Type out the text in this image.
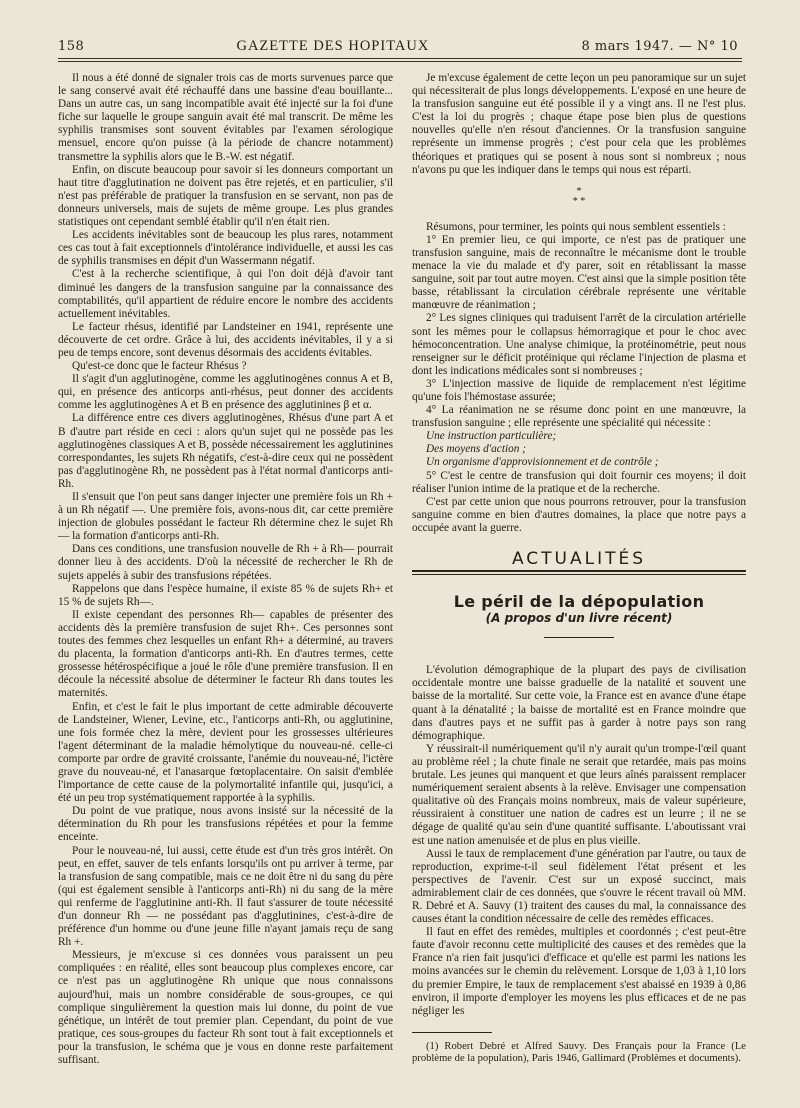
158	GAZETTE DES HOPITAUX	8 mars 1947. — N° 10

Il nous a été donné de signaler trois cas de morts survenues parce que le sang conservé avait été réchauffé dans une bassine d'eau bouillante... Dans un autre cas, un sang incompatible avait été injecté sur la foi d'une fiche sur laquelle le groupe sanguin avait été mal transcrit. De même les syphilis transmises sont souvent évitables par l'examen sérologique mensuel, encore qu'on puisse (à la période de chancre notamment) transmettre la syphilis alors que le B.-W. est négatif.

Enfin, on discute beaucoup pour savoir si les donneurs comportant un haut titre d'agglutination ne doivent pas être rejetés, et en particulier, s'il n'est pas préférable de pratiquer la transfusion en se servant, non pas de donneurs universels, mais de sujets de même groupe. Les plus grandes statistiques ont cependant semblé établir qu'il n'en était rien.

Les accidents inévitables sont de beaucoup les plus rares, notamment ces cas tout à fait exceptionnels d'intolérance individuelle, et aussi les cas de syphilis transmises en dépit d'un Wassermann négatif.

C'est à la recherche scientifique, à qui l'on doit déjà d'avoir tant diminué les dangers de la transfusion sanguine par la connaissance des comptabilités, qu'il appartient de réduire encore le nombre des accidents actuellement inévitables.

Le facteur rhésus, identifié par Landsteiner en 1941, représente une découverte de cet ordre. Grâce à lui, des accidents inévitables, il y a si peu de temps encore, sont devenus désormais des accidents évitables.

Qu'est-ce donc que le facteur Rhésus ?

Il s'agit d'un agglutinogène, comme les agglutinogènes connus A et B, qui, en présence des anticorps anti-rhésus, peut donner des accidents comme les agglutinogènes A et B en présence des agglutinines β et α.

La différence entre ces divers agglutinogènes, Rhésus d'une part A et B d'autre part réside en ceci : alors qu'un sujet qui ne possède pas les agglutinogènes classiques A et B, possède nécessairement les agglutinines correspondantes, les sujets Rh négatifs, c'est-à-dire ceux qui ne possèdent pas d'agglutinogène Rh, ne possèdent pas à l'état normal d'anticorps anti-Rh.

Il s'ensuit que l'on peut sans danger injecter une première fois un Rh + à un Rh négatif —. Une première fois, avons-nous dit, car cette première injection de globules possédant le facteur Rh détermine chez le sujet Rh — la formation d'anticorps anti-Rh.

Dans ces conditions, une transfusion nouvelle de Rh + à Rh— pourrait donner lieu à des accidents. D'où la nécessité de rechercher le Rh de sujets appelés à subir des transfusions répétées.

Rappelons que dans l'espèce humaine, il existe 85 % de sujets Rh+ et 15 % de sujets Rh—.

Il existe cependant des personnes Rh— capables de présenter des accidents dès la première transfusion de sujet Rh+. Ces personnes sont toutes des femmes chez lesquelles un enfant Rh+ a déterminé, au travers du placenta, la formation d'anticorps anti-Rh. En d'autres termes, cette grossesse hétérospécifique a joué le rôle d'une première transfusion. Il en découle la nécessité absolue de déterminer le facteur Rh dans toutes les maternités.

Enfin, et c'est le fait le plus important de cette admirable découverte de Landsteiner, Wiener, Levine, etc., l'anticorps anti-Rh, ou agglutinine, une fois formée chez la mère, devient pour les grossesses ultérieures l'agent déterminant de la maladie hémolytique du nouveau-né. celle-ci comporte par ordre de gravité croissante, l'anémie du nouveau-né, l'ictère grave du nouveau-né, et l'anasarque fœtoplacentaire. On saisit d'emblée l'importance de cette cause de la polymortalité infantile qui, jusqu'ici, a été un peu trop systématiquement rapportée à la syphilis.

Du point de vue pratique, nous avons insisté sur la nécessité de la détermination du Rh pour les transfusions répétées et pour la femme enceinte.

Pour le nouveau-né, lui aussi, cette étude est d'un très gros intérêt. On peut, en effet, sauver de tels enfants lorsqu'ils ont pu arriver à terme, par la transfusion de sang compatible, mais ce ne doit être ni du sang du père (qui est également sensible à l'anticorps anti-Rh) ni du sang de la mère qui renferme de l'agglutinine anti-Rh. Il faut s'assurer de toute nécessité d'un donneur Rh — ne possédant pas d'agglutinines, c'est-à-dire de préférence d'un homme ou d'une jeune fille n'ayant jamais reçu de sang Rh +.

Messieurs, je m'excuse si ces données vous paraissent un peu compliquées : en réalité, elles sont beaucoup plus complexes encore, car ce n'est pas un agglutinogène Rh unique que nous connaissons aujourd'hui, mais un nombre considérable de sous-groupes, ce qui complique singulièrement la question mais lui donne, du point de vue génétique, un intérêt de tout premier plan. Cependant, du point de vue pratique, ces sous-groupes du facteur Rh sont tout à fait exceptionnels et pour la transfusion, le schéma que je vous en donne reste parfaitement suffisant.

Je m'excuse également de cette leçon un peu panoramique sur un sujet qui nécessiterait de plus longs développements. L'exposé en une heure de la transfusion sanguine eut été possible il y a vingt ans. Il ne l'est plus. C'est la loi du progrès ; chaque étape pose bien plus de questions nouvelles qu'elle n'en résout d'anciennes. Or la transfusion sanguine représente un immense progrès ; c'est pour cela que les problèmes théoriques et pratiques qui se posent à nous sont si nombreux ; nous n'avons pu que les indiquer dans le temps qui nous est réparti.

*
* *

Résumons, pour terminer, les points qui nous semblent essentiels :

1° En premier lieu, ce qui importe, ce n'est pas de pratiquer une transfusion sanguine, mais de reconnaître le mécanisme dont le trouble menace la vie du malade et d'y parer, soit en rétablissant la masse sanguine, soit par tout autre moyen. C'est ainsi que la simple position tête basse, rétablissant la circulation cérébrale représente une véritable manœuvre de réanimation ;

2° Les signes cliniques qui traduisent l'arrêt de la circulation artérielle sont les mêmes pour le collapsus hémorragique et pour le choc avec hémoconcentration. Une analyse chimique, la protéinométrie, peut nous renseigner sur le déficit protéinique qui réclame l'injection de plasma et dont les indications médicales sont si nombreuses ;

3° L'injection massive de liquide de remplacement n'est légitime qu'une fois l'hémostase assurée;

4° La réanimation ne se résume donc point en une manœuvre, la transfusion sanguine ; elle représente une spécialité qui nécessite :

Une instruction particulière;

Des moyens d'action ;

Un organisme d'approvisionnement et de contrôle ;

5° C'est le centre de transfusion qui doit fournir ces moyens; il doit réaliser l'union intime de la pratique et de la recherche.

C'est par cette union que nous pourrons retrouver, pour la transfusion sanguine comme en bien d'autres domaines, la place que notre pays a occupée avant la guerre.

ACTUALITÉS
Le péril de la dépopulation
(A propos d'un livre récent)

L'évolution démographique de la plupart des pays de civilisation occidentale montre une baisse graduelle de la natalité et souvent une baisse de la mortalité. Sur cette voie, la France est en avance d'une étape quant à la dénatalité ; la baisse de mortalité est en France moindre que dans d'autres pays et ne suffit pas à garder à notre pays son rang démographique.

Y réussirait-il numériquement qu'il n'y aurait qu'un trompe-l'œil quant au problème réel ; la chute finale ne serait que retardée, mais pas moins brutale. Les jeunes qui manquent et que leurs aînés paraissent remplacer numériquement seraient absents à la relève. Envisager une compensation qualitative où des Français moins nombreux, mais de valeur supérieure, réussiraient à constituer une nation de cadres est un leurre ; il ne se dégage de qualité qu'au sein d'une quantité suffisante. L'aboutissant vrai est une nation amenuisée et de plus en plus vieille.

Aussi le taux de remplacement d'une génération par l'autre, ou taux de reproduction, exprime-t-il seul fidèlement l'état présent et les perspectives de l'avenir. C'est sur un exposé succinct, mais admirablement clair de ces données, que s'ouvre le récent travail où MM. R. Debré et A. Sauvy (1) traitent des causes du mal, la connaissance des causes étant la condition nécessaire de celle des remèdes efficaces.

Il faut en effet des remèdes, multiples et coordonnés ; c'est peut-être faute d'avoir reconnu cette multiplicité des causes et des remèdes que la France n'a rien fait jusqu'ici d'efficace et qu'elle est parmi les nations les moins avancées sur le chemin du relèvement. Lorsque de 1,03 à 1,10 lors du premier Empire, le taux de remplacement s'est abaissé en 1939 à 0,86 environ, il importe d'employer les moyens les plus efficaces et de ne pas négliger les

(1) Robert Debré et Alfred Sauvy. Des Français pour la France (Le problème de la population), Paris 1946, Gallimard (Problèmes et documents).
